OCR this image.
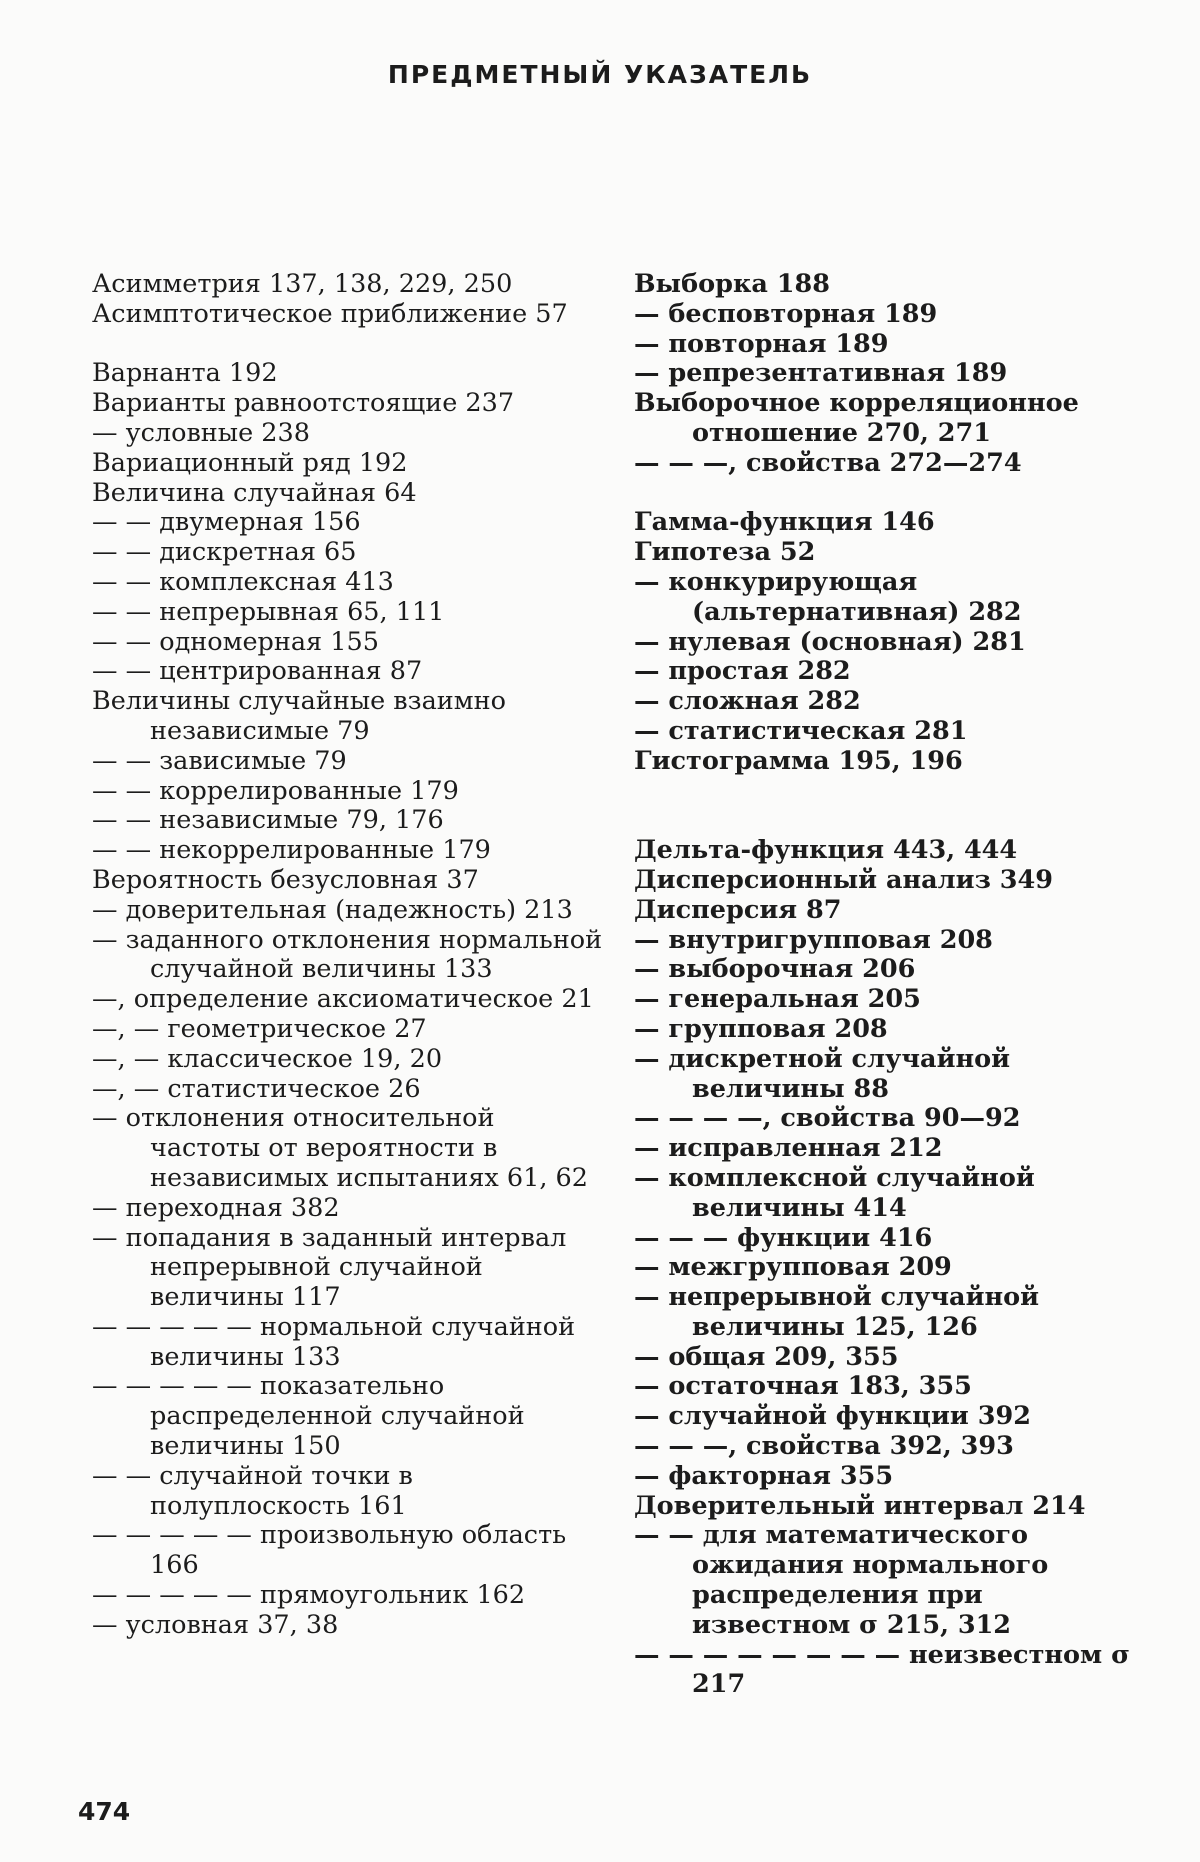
ПРЕДМЕТНЫЙ УКАЗАТЕЛЬ

Асимметрия 137, 138, 229, 250

Асимптотическое приближение 57

Варнанта 192

Варианты равноотстоящие 237

— условные 238

Вариационный ряд 192

Величина случайная 64

— — двумерная 156

— — дискретная 65

— — комплексная 413

— — непрерывная 65, 111

— — одномерная 155

— — центрированная 87

Величины случайные взаимно независимые 79

— — зависимые 79

— — коррелированные 179

— — независимые 79, 176

— — некоррелированные 179

Вероятность безусловная 37

— доверительная (надежность) 213

— заданного отклонения нормальной случайной величины 133

—, определение аксиоматическое 21

—, — геометрическое 27

—, — классическое 19, 20

—, — статистическое 26

— отклонения относительной частоты от вероятности в независимых испытаниях 61, 62

— переходная 382

— попадания в заданный интервал непрерывной случайной величины 117

— — — — — нормальной случайной величины 133

— — — — — показательно распределенной случайной величины 150

— — случайной точки в полуплоскость 161

— — — — — произвольную область 166

— — — — — прямоугольник 162

— условная 37, 38

Выборка 188

— бесповторная 189

— повторная 189

— репрезентативная 189

Выборочное корреляционное отношение 270, 271

— — —, свойства 272—274

Гамма-функция 146

Гипотеза 52

— конкурирующая (альтернативная) 282

— нулевая (основная) 281

— простая 282

— сложная 282

— статистическая 281

Гистограмма 195, 196

Дельта-функция 443, 444

Дисперсионный анализ 349

Дисперсия 87

— внутригрупповая 208

— выборочная 206

— генеральная 205

— групповая 208

— дискретной случайной величины 88

— — — —, свойства 90—92

— исправленная 212

— комплексной случайной величины 414

— — — функции 416

— межгрупповая 209

— непрерывной случайной величины 125, 126

— общая 209, 355

— остаточная 183, 355

— случайной функции 392

— — —, свойства 392, 393

— факторная 355

Доверительный интервал 214

— — для математического ожидания нормального распределения при известном σ 215, 312

— — — — — — — — неизвестном σ 217

474
